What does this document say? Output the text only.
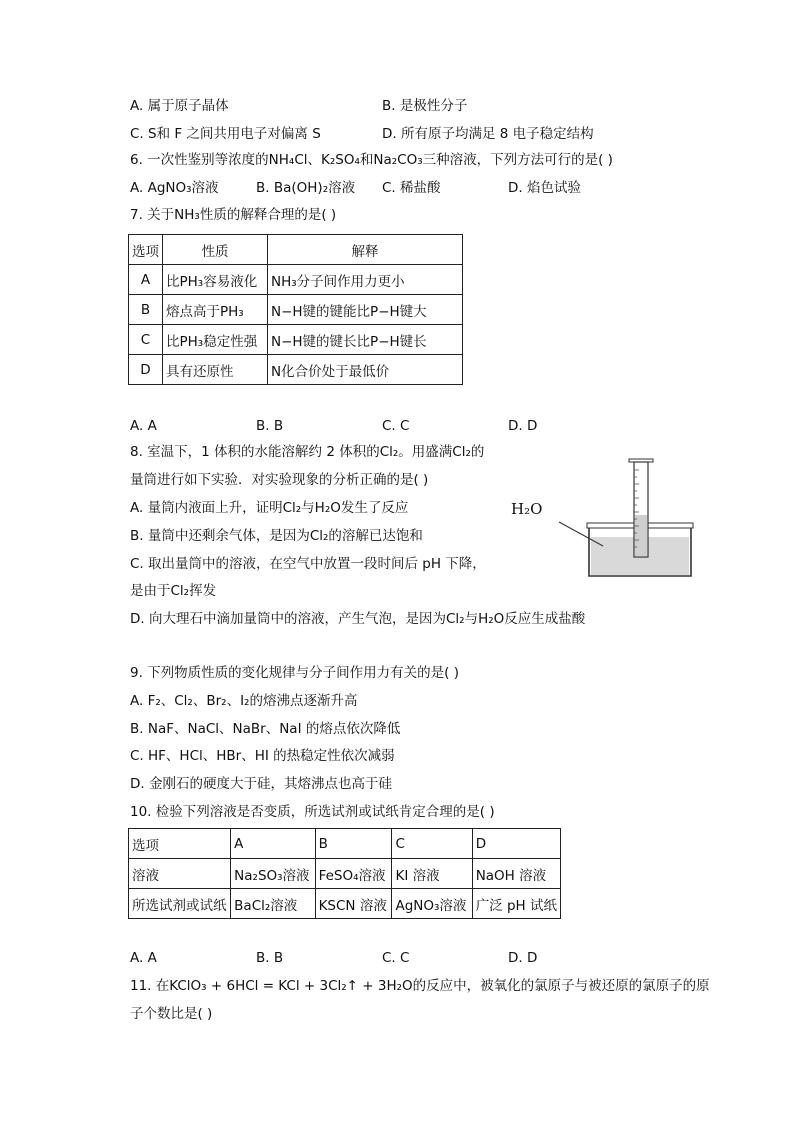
A. 属于原子晶体	B. 是极性分子
C. S和 F 之间共用电子对偏离 S	D. 所有原子均满足 8 电子稳定结构
6. 一次性鉴别等浓度的NH₄Cl、K₂SO₄和Na₂CO₃三种溶液，下列方法可行的是( )
A. AgNO₃溶液	B. Ba(OH)₂溶液 C. 稀盐酸	D. 焰色试验
7. 关于NH₃性质的解释合理的是( )
选项	性质	解释
A	比PH₃容易液化	NH₃分子间作用力更小
B	熔点高于PH₃	N−H键的键能比P−H键大
C	比PH₃稳定性强	N−H键的键长比P−H键长
D	具有还原性	N化合价处于最低价
A. A	B. B	C. C	D. D
8. 室温下，1 体积的水能溶解约 2 体积的Cl₂。用盛满Cl₂的
量筒进行如下实验．对实验现象的分析正确的是( )
A. 量筒内液面上升，证明Cl₂与H₂O发生了反应
B. 量筒中还剩余气体，是因为Cl₂的溶解已达饱和
C. 取出量筒中的溶液，在空气中放置一段时间后 pH 下降，
是由于Cl₂挥发
D. 向大理石中滴加量筒中的溶液，产生气泡，是因为Cl₂与H₂O反应生成盐酸
H₂O
9. 下列物质性质的变化规律与分子间作用力有关的是( )
A. F₂、Cl₂、Br₂、I₂的熔沸点逐渐升高
B. NaF、NaCl、NaBr、NaI 的熔点依次降低
C. HF、HCl、HBr、HI 的热稳定性依次减弱
D. 金刚石的硬度大于硅，其熔沸点也高于硅
10. 检验下列溶液是否变质，所选试剂或试纸肯定合理的是( )
选项	A	B	C	D
溶液	Na₂SO₃溶液	FeSO₄溶液	KI 溶液	NaOH 溶液
所选试剂或试纸	BaCl₂溶液	KSCN 溶液	AgNO₃溶液	广泛 pH 试纸
A. A	B. B	C. C	D. D
11. 在KClO₃ + 6HCl = KCl + 3Cl₂↑ + 3H₂O的反应中，被氧化的氯原子与被还原的氯原子的原
子个数比是( )
